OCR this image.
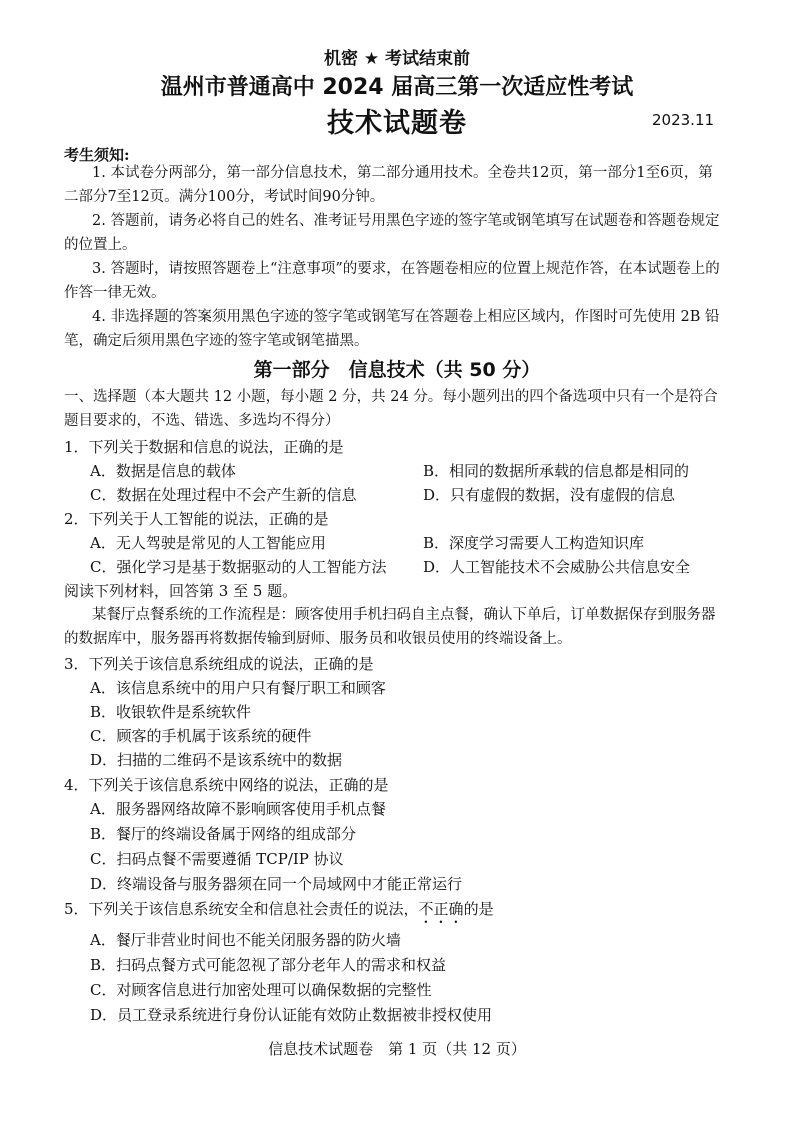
机密 ★ 考试结束前
温州市普通高中 2024 届高三第一次适应性考试
技术试题卷	2023.11
考生须知:
1. 本试卷分两部分，第一部分信息技术，第二部分通用技术。全卷共12页，第一部分1至6页，第二部分7至12页。满分100分，考试时间90分钟。
2. 答题前，请务必将自己的姓名、准考证号用黑色字迹的签字笔或钢笔填写在试题卷和答题卷规定的位置上。
3. 答题时，请按照答题卷上“注意事项”的要求，在答题卷相应的位置上规范作答，在本试题卷上的作答一律无效。
4. 非选择题的答案须用黑色字迹的签字笔或钢笔写在答题卷上相应区域内，作图时可先使用 2B 铅笔，确定后须用黑色字迹的签字笔或钢笔描黑。
第一部分　信息技术（共 50 分）
一、选择题（本大题共 12 小题，每小题 2 分，共 24 分。每小题列出的四个备选项中只有一个是符合题目要求的，不选、错选、多选均不得分）
1．下列关于数据和信息的说法，正确的是
A．数据是信息的载体	B．相同的数据所承载的信息都是相同的
C．数据在处理过程中不会产生新的信息	D．只有虚假的数据，没有虚假的信息
2．下列关于人工智能的说法，正确的是
A．无人驾驶是常见的人工智能应用	B．深度学习需要人工构造知识库
C．强化学习是基于数据驱动的人工智能方法 D．人工智能技术不会威胁公共信息安全
阅读下列材料，回答第 3 至 5 题。
某餐厅点餐系统的工作流程是：顾客使用手机扫码自主点餐，确认下单后，订单数据保存到服务器的数据库中，服务器再将数据传输到厨师、服务员和收银员使用的终端设备上。
3．下列关于该信息系统组成的说法，正确的是
A．该信息系统中的用户只有餐厅职工和顾客
B．收银软件是系统软件
C．顾客的手机属于该系统的硬件
D．扫描的二维码不是该系统中的数据
4．下列关于该信息系统中网络的说法，正确的是
A．服务器网络故障不影响顾客使用手机点餐
B．餐厅的终端设备属于网络的组成部分
C．扫码点餐不需要遵循 TCP/IP 协议
D．终端设备与服务器须在同一个局域网中才能正常运行
5．下列关于该信息系统安全和信息社会责任的说法，不正确的是
A．餐厅非营业时间也不能关闭服务器的防火墙
B．扫码点餐方式可能忽视了部分老年人的需求和权益
C．对顾客信息进行加密处理可以确保数据的完整性
D．员工登录系统进行身份认证能有效防止数据被非授权使用
信息技术试题卷　第 1 页（共 12 页）
